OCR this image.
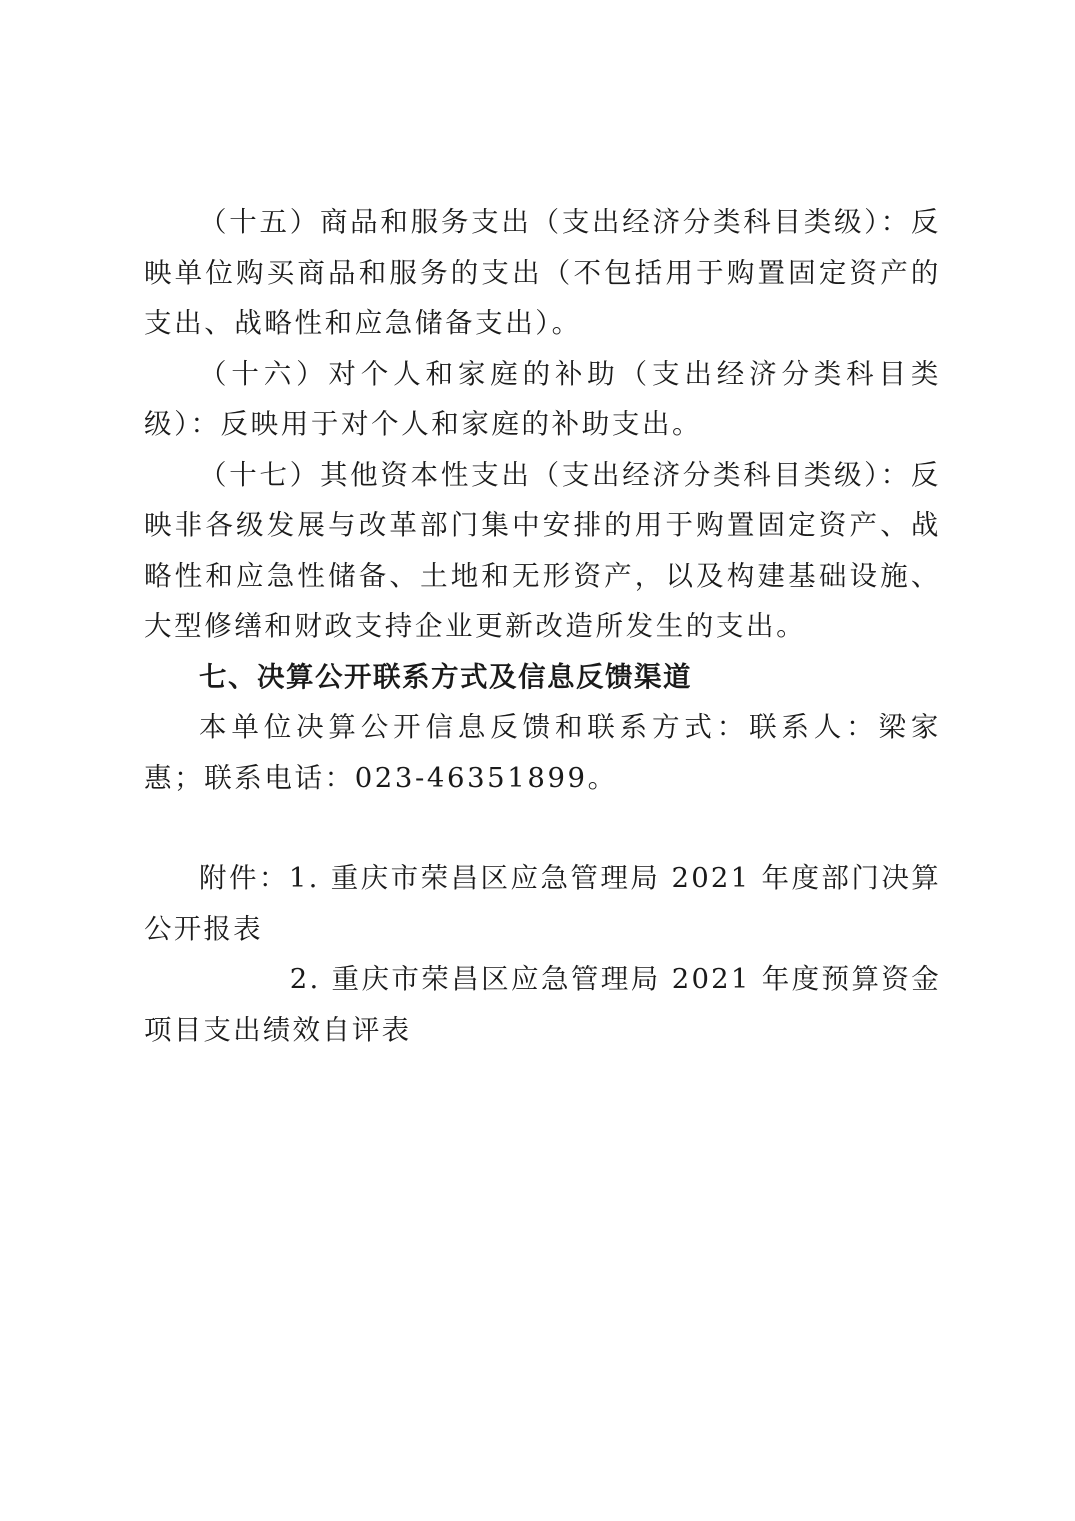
（十五）商品和服务支出（支出经济分类科目类级）：反映单位购买商品和服务的支出（不包括用于购置固定资产的支出、战略性和应急储备支出）。

（十六）对个人和家庭的补助（支出经济分类科目类级）：反映用于对个人和家庭的补助支出。

（十七）其他资本性支出（支出经济分类科目类级）：反映非各级发展与改革部门集中安排的用于购置固定资产、战略性和应急性储备、土地和无形资产，以及构建基础设施、大型修缮和财政支持企业更新改造所发生的支出。

七、决算公开联系方式及信息反馈渠道

本单位决算公开信息反馈和联系方式：联系人：梁家惠；联系电话：023-46351899。

附件：1. 重庆市荣昌区应急管理局 2021 年度部门决算公开报表

2. 重庆市荣昌区应急管理局 2021 年度预算资金项目支出绩效自评表
